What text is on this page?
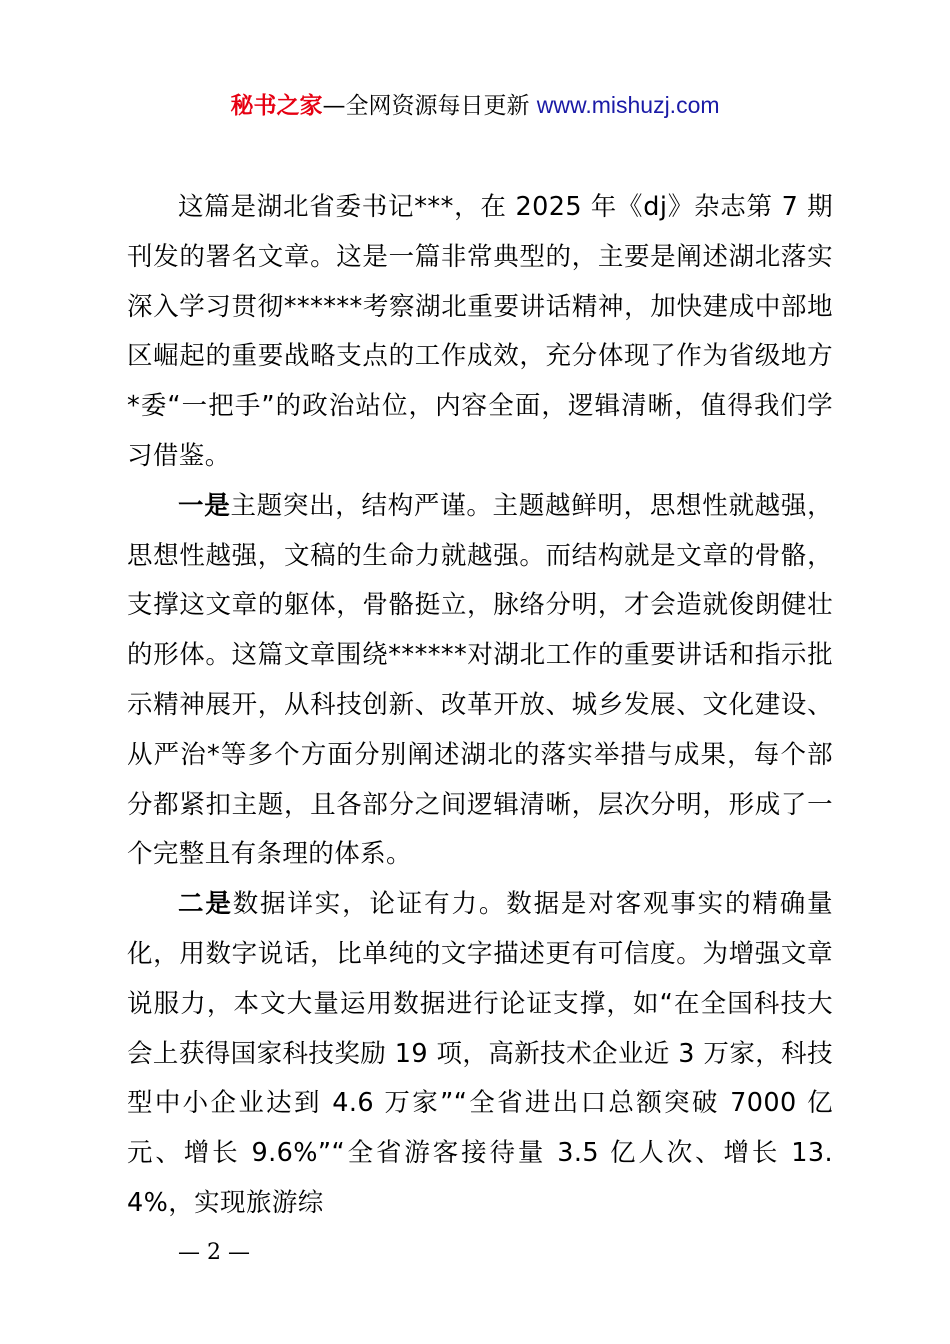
秘书之家—全网资源每日更新 www.mishuzj.com

这篇是湖北省委书记***，在 2025 年《dj》杂志第 7 期刊发的署名文章。这是一篇非常典型的，主要是阐述湖北落实深入学习贯彻******考察湖北重要讲话精神，加快建成中部地区崛起的重要战略支点的工作成效，充分体现了作为省级地方*委“一把手”的政治站位，内容全面，逻辑清晰，值得我们学习借鉴。

一是主题突出，结构严谨。主题越鲜明，思想性就越强，思想性越强，文稿的生命力就越强。而结构就是文章的骨骼，支撑这文章的躯体，骨骼挺立，脉络分明，才会造就俊朗健壮的形体。这篇文章围绕******对湖北工作的重要讲话和指示批示精神展开，从科技创新、改革开放、城乡发展、文化建设、从严治*等多个方面分别阐述湖北的落实举措与成果，每个部分都紧扣主题，且各部分之间逻辑清晰，层次分明，形成了一个完整且有条理的体系。

二是数据详实，论证有力。数据是对客观事实的精确量化，用数字说话，比单纯的文字描述更有可信度。为增强文章说服力，本文大量运用数据进行论证支撑，如“在全国科技大会上获得国家科技奖励 19 项，高新技术企业近 3 万家，科技型中小企业达到 4.6 万家”“全省进出口总额突破 7000 亿元、增长 9.6%”“全省游客接待量 3.5 亿人次、增长 13.4%，实现旅游综

— 2 —
